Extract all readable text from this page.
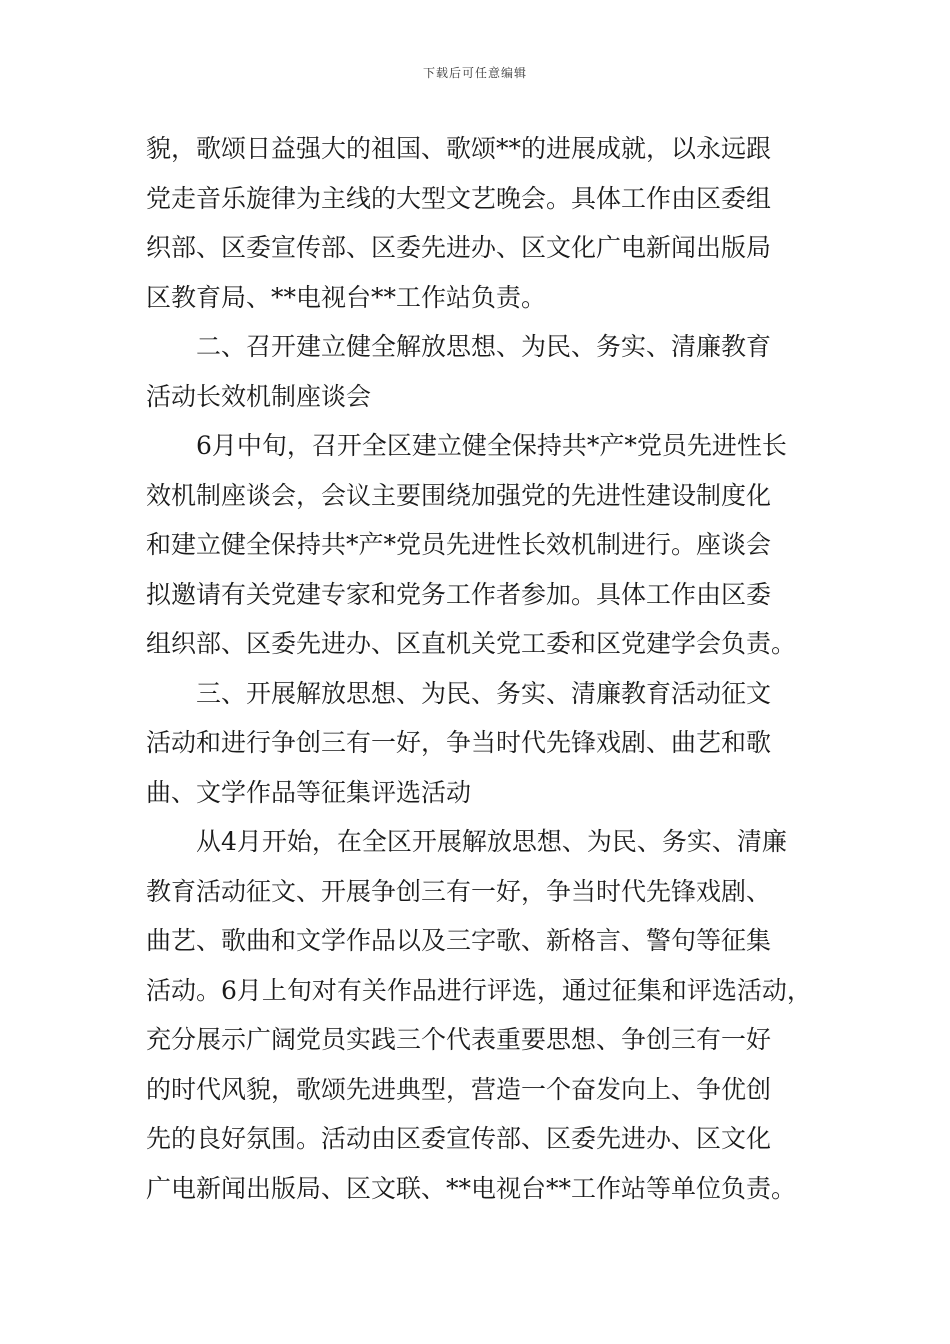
下载后可任意编辑
貌，歌颂日益强大的祖国、歌颂**的进展成就，以永远跟
党走音乐旋律为主线的大型文艺晚会。具体工作由区委组
织部、区委宣传部、区委先进办、区文化广电新闻出版局
区教育局、**电视台**工作站负责。
二、召开建立健全解放思想、为民、务实、清廉教育
活动长效机制座谈会
6月中旬，召开全区建立健全保持共*产*党员先进性长
效机制座谈会，会议主要围绕加强党的先进性建设制度化
和建立健全保持共*产*党员先进性长效机制进行。座谈会
拟邀请有关党建专家和党务工作者参加。具体工作由区委
组织部、区委先进办、区直机关党工委和区党建学会负责。
三、开展解放思想、为民、务实、清廉教育活动征文
活动和进行争创三有一好，争当时代先锋戏剧、曲艺和歌
曲、文学作品等征集评选活动
从4月开始，在全区开展解放思想、为民、务实、清廉
教育活动征文、开展争创三有一好，争当时代先锋戏剧、
曲艺、歌曲和文学作品以及三字歌、新格言、警句等征集
活动。6月上旬对有关作品进行评选，通过征集和评选活动，
充分展示广阔党员实践三个代表重要思想、争创三有一好
的时代风貌，歌颂先进典型，营造一个奋发向上、争优创
先的良好氛围。活动由区委宣传部、区委先进办、区文化
广电新闻出版局、区文联、**电视台**工作站等单位负责。
